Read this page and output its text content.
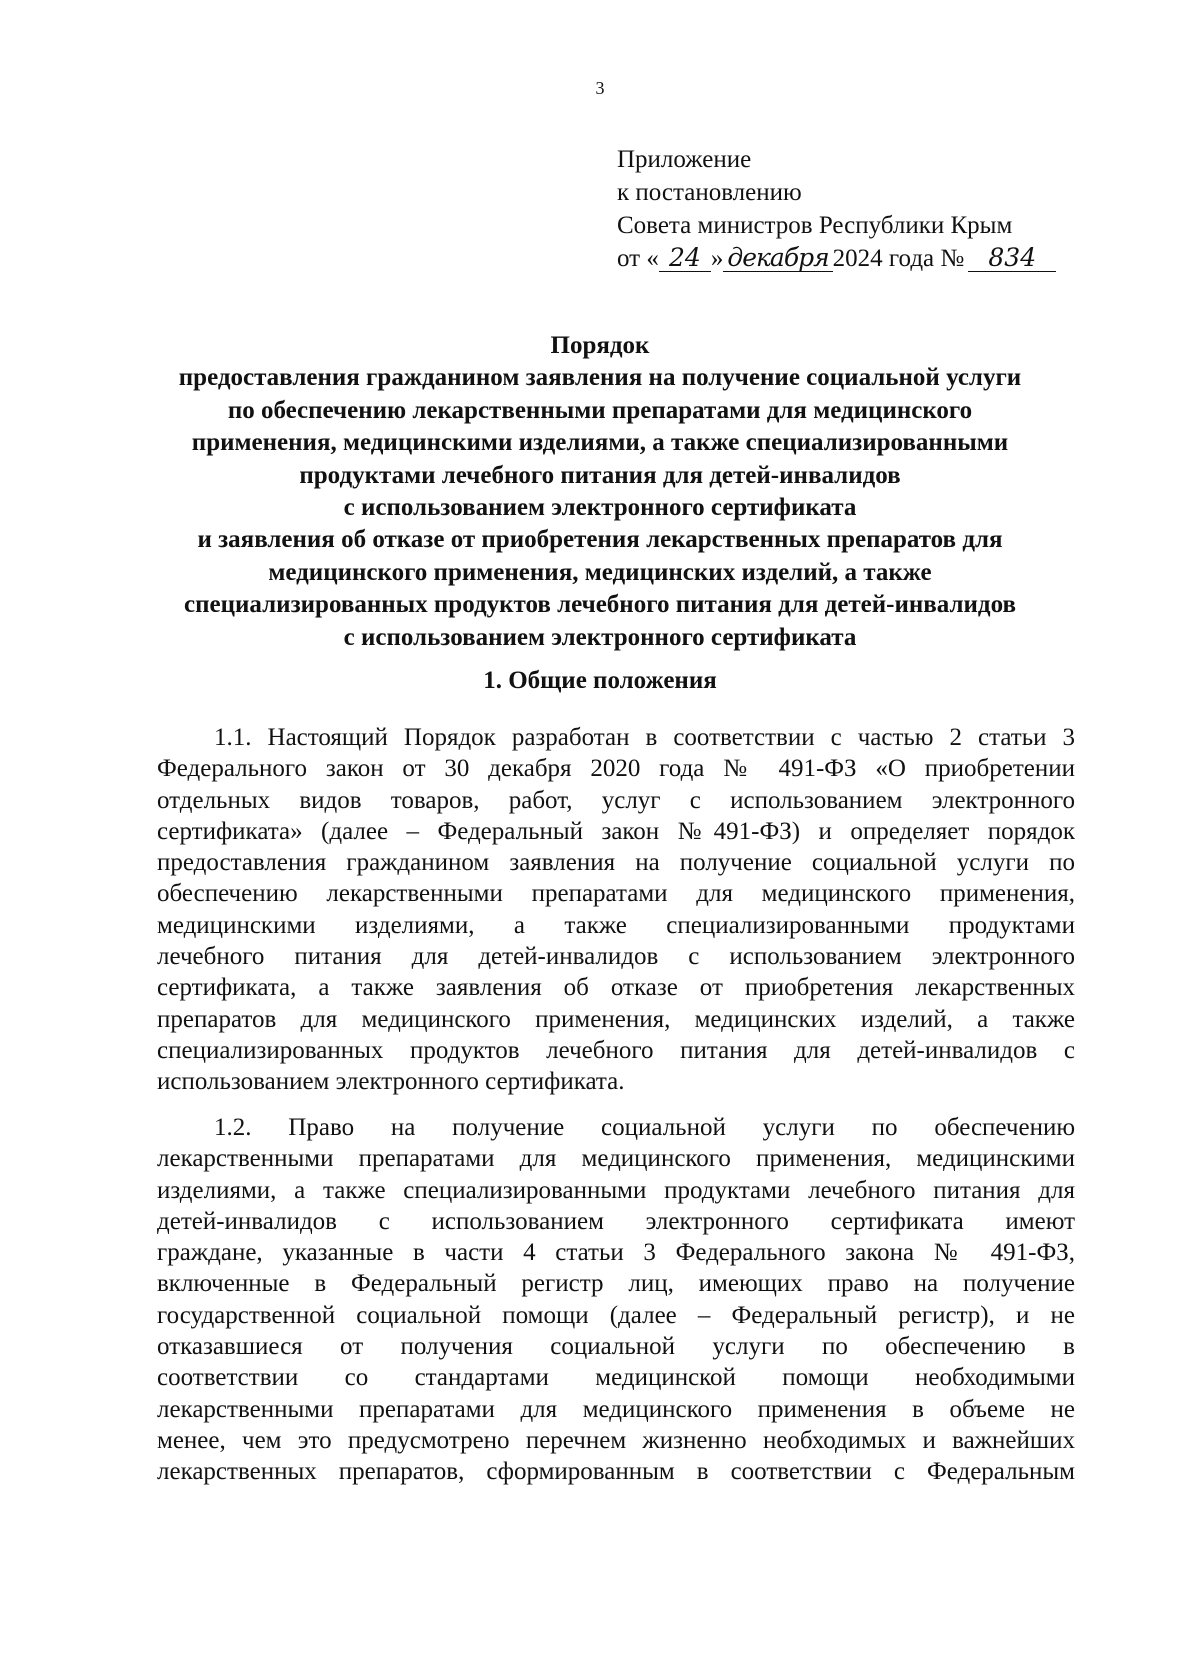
3
Приложение
к постановлению
Совета министров Республики Крым
от « 24 » декабря 2024 года № 834
Порядок
предоставления гражданином заявления на получение социальной услуги
по обеспечению лекарственными препаратами для медицинского
применения, медицинскими изделиями, а также специализированными
продуктами лечебного питания для детей-инвалидов
с использованием электронного сертификата
и заявления об отказе от приобретения лекарственных препаратов для
медицинского применения, медицинских изделий, а также
специализированных продуктов лечебного питания для детей-инвалидов
с использованием электронного сертификата
1. Общие положения
1.1. Настоящий Порядок разработан в соответствии с частью 2 статьи 3
Федерального закон от 30 декабря 2020 года № 491-ФЗ «О приобретении
отдельных видов товаров, работ, услуг с использованием электронного
сертификата» (далее – Федеральный закон №491-ФЗ) и определяет порядок
предоставления гражданином заявления на получение социальной услуги по
обеспечению лекарственными препаратами для медицинского применения,
медицинскими изделиями, а также специализированными продуктами
лечебного питания для детей-инвалидов с использованием электронного
сертификата, а также заявления об отказе от приобретения лекарственных
препаратов для медицинского применения, медицинских изделий, а также
специализированных продуктов лечебного питания для детей-инвалидов с
использованием электронного сертификата.
1.2. Право на получение социальной услуги по обеспечению
лекарственными препаратами для медицинского применения, медицинскими
изделиями, а также специализированными продуктами лечебного питания для
детей-инвалидов с использованием электронного сертификата имеют
граждане, указанные в части 4 статьи 3 Федерального закона № 491-ФЗ,
включенные в Федеральный регистр лиц, имеющих право на получение
государственной социальной помощи (далее – Федеральный регистр), и не
отказавшиеся от получения социальной услуги по обеспечению в
соответствии со стандартами медицинской помощи необходимыми
лекарственными препаратами для медицинского применения в объеме не
менее, чем это предусмотрено перечнем жизненно необходимых и важнейших
лекарственных препаратов, сформированным в соответствии с Федеральным
